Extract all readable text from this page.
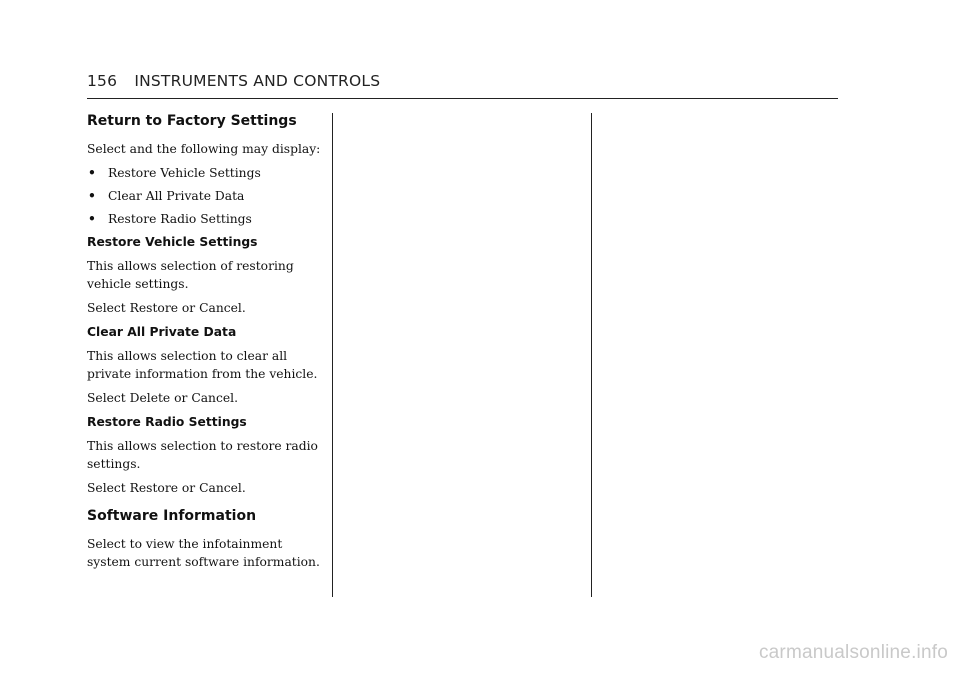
156 INSTRUMENTS AND CONTROLS
Return to Factory Settings

Select and the following may display:

• Restore Vehicle Settings
• Clear All Private Data
• Restore Radio Settings
Restore Vehicle Settings

This allows selection of restoring vehicle settings.

Select Restore or Cancel.

Clear All Private Data

This allows selection to clear all private information from the vehicle.

Select Delete or Cancel.

Restore Radio Settings

This allows selection to restore radio settings.

Select Restore or Cancel.

Software Information

Select to view the infotainment system current software information.

carmanualsonline.info
